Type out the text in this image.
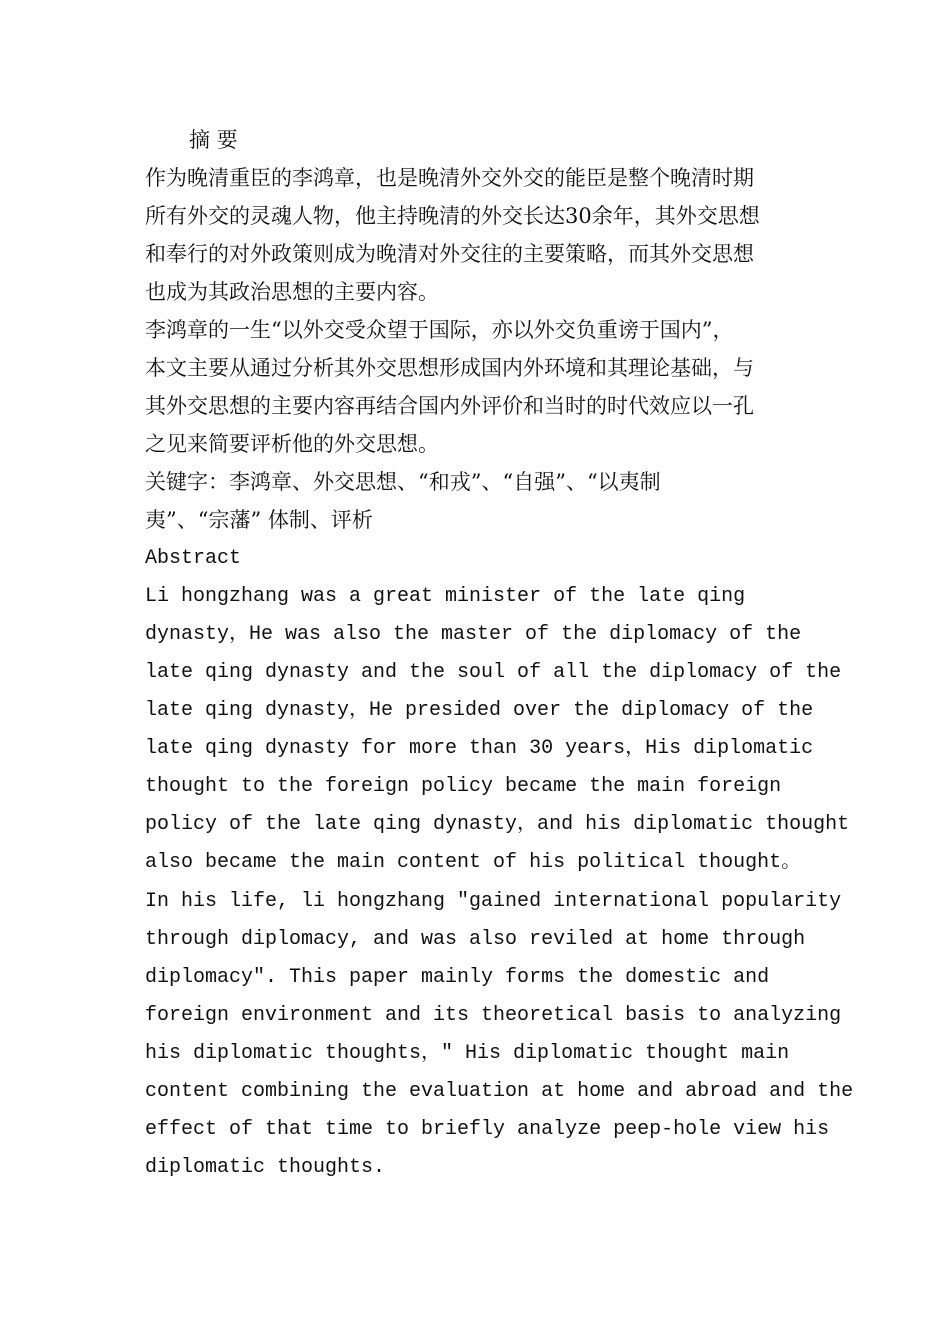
摘 要
作为晚清重臣的李鸿章，也是晚清外交外交的能臣是整个晚清时期
所有外交的灵魂人物，他主持晚清的外交长达30余年，其外交思想
和奉行的对外政策则成为晚清对外交往的主要策略，而其外交思想
也成为其政治思想的主要内容。
李鸿章的一生“以外交受众望于国际，亦以外交负重谤于国内”，
本文主要从通过分析其外交思想形成国内外环境和其理论基础，与
其外交思想的主要内容再结合国内外评价和当时的时代效应以一孔
之见来简要评析他的外交思想。
关键字：李鸿章、外交思想、“和戎”、“自强”、“以夷制
夷”、“宗藩” 体制、评析
Abstract
Li hongzhang was a great minister of the late qing
dynasty，He was also the master of the diplomacy of the
late qing dynasty and the soul of all the diplomacy of the
late qing dynasty，He presided over the diplomacy of the
late qing dynasty for more than 30 years，His diplomatic
thought to the foreign policy became the main foreign
policy of the late qing dynasty，and his diplomatic thought
also became the main content of his political thought。
In his life, li hongzhang "gained international popularity
through diplomacy, and was also reviled at home through
diplomacy". This paper mainly forms the domestic and
foreign environment and its theoretical basis to analyzing
his diplomatic thoughts，" His diplomatic thought main
content combining the evaluation at home and abroad and the
effect of that time to briefly analyze peep-hole view his
diplomatic thoughts.
